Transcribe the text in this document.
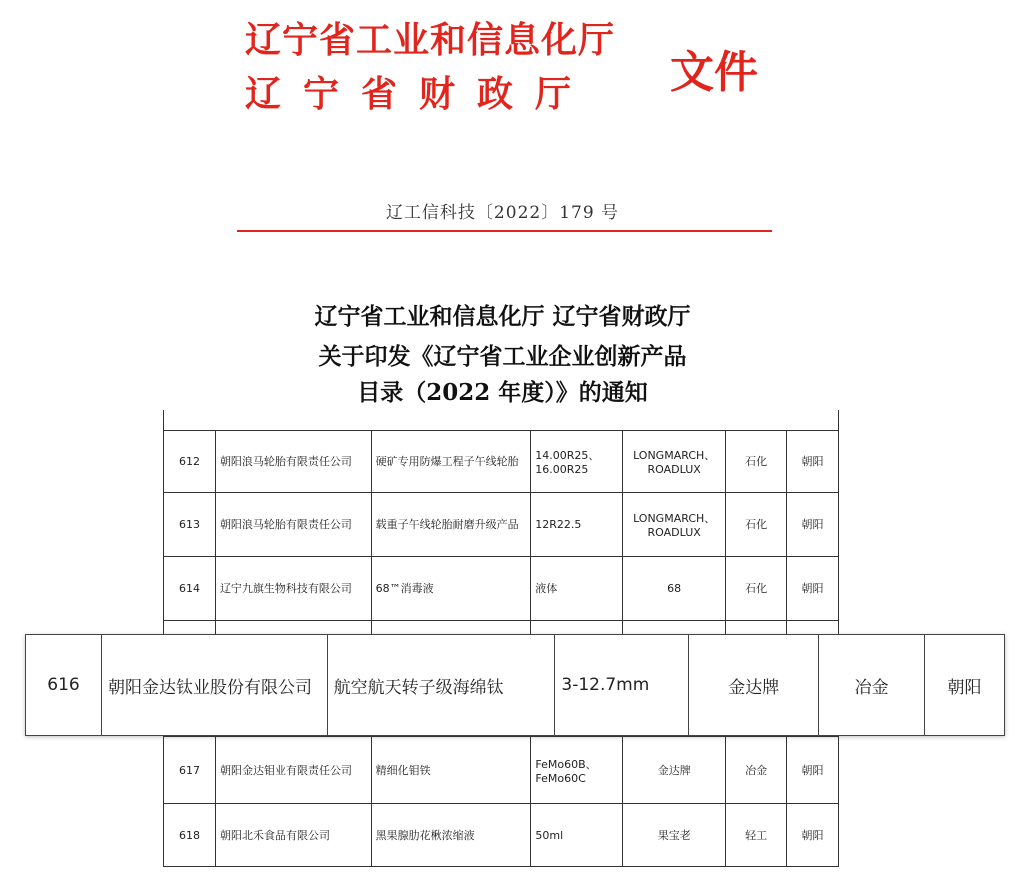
辽宁省工业和信息化厅
辽宁省财政厅 文件
辽工信科技〔2022〕179 号
辽宁省工业和信息化厅 辽宁省财政厅
关于印发《辽宁省工业企业创新产品
目录（2022 年度）》的通知

612	朝阳浪马轮胎有限责任公司	硬矿专用防爆工程子午线轮胎	14.00R25、16.00R25	LONGMARCH、ROADLUX	石化	朝阳
613	朝阳浪马轮胎有限责任公司	载重子午线轮胎耐磨升级产品	12R22.5	LONGMARCH、ROADLUX	石化	朝阳
614	辽宁九旗生物科技有限公司	68™消毒液	液体	68	石化	朝阳

616	朝阳金达钛业股份有限公司	航空航天转子级海绵钛	3-12.7mm	金达牌	冶金	朝阳
617	朝阳金达钼业有限责任公司	精细化钼铁	FeMo60B、FeMo60C	金达牌	冶金	朝阳
618	朝阳北禾食品有限公司	黑果腺肋花楸浓缩液	50ml	果宝老	轻工	朝阳
